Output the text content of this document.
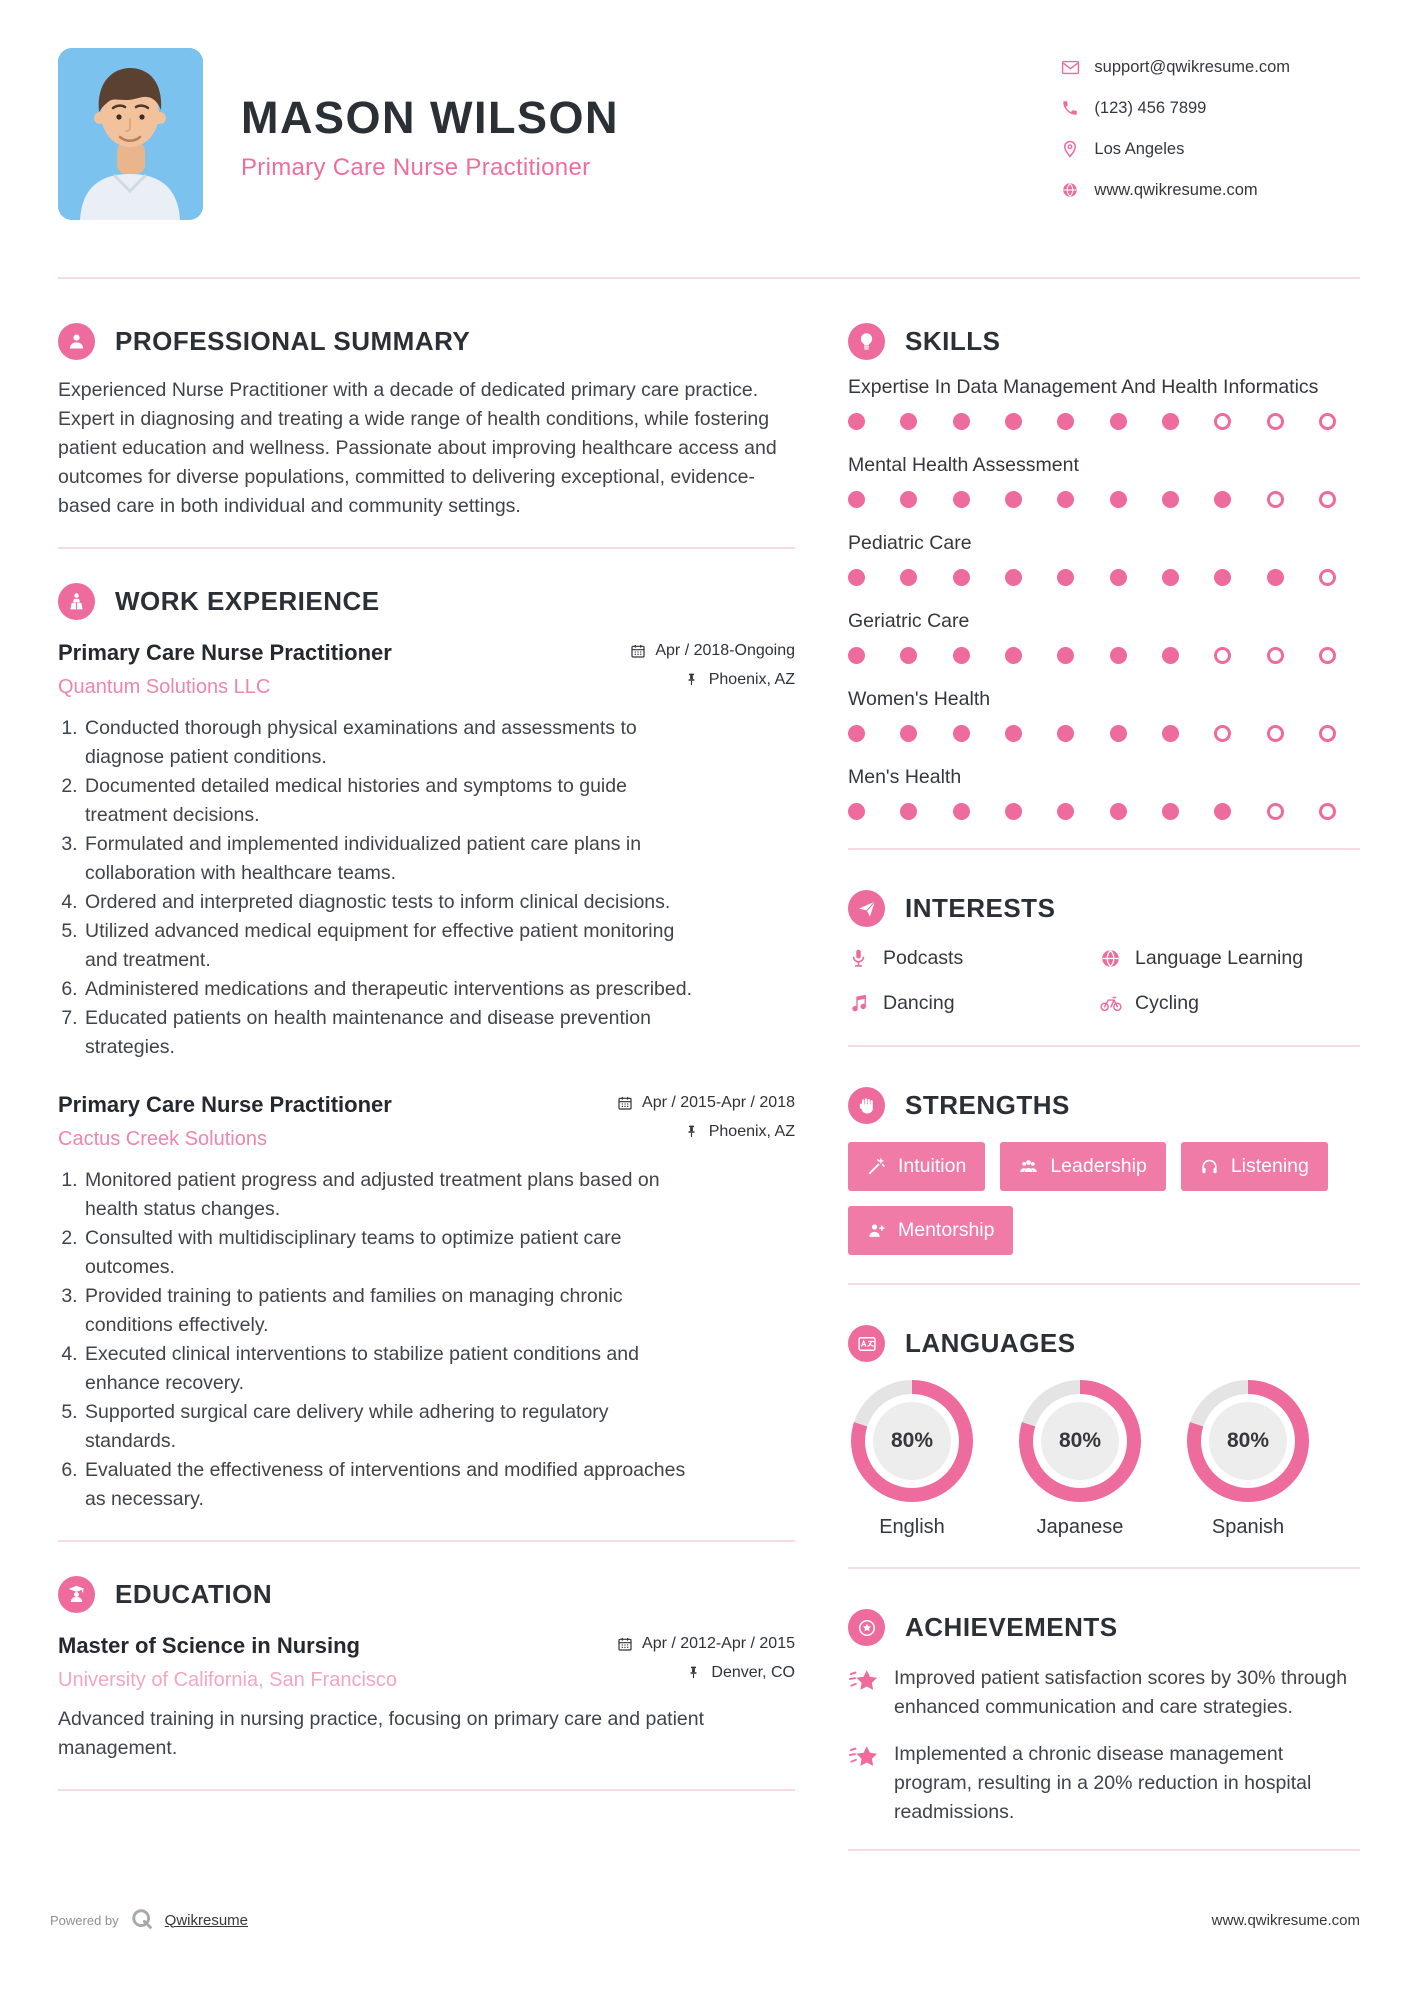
MASON WILSON
Primary Care Nurse Practitioner
support@qwikresume.com
(123) 456 7899
Los Angeles
www.qwikresume.com
PROFESSIONAL SUMMARY
Experienced Nurse Practitioner with a decade of dedicated primary care practice. Expert in diagnosing and treating a wide range of health conditions, while fostering patient education and wellness. Passionate about improving healthcare access and outcomes for diverse populations, committed to delivering exceptional, evidence-based care in both individual and community settings.
WORK EXPERIENCE
Primary Care Nurse Practitioner
Quantum Solutions LLC
Apr / 2018-Ongoing
Phoenix, AZ
1. Conducted thorough physical examinations and assessments to diagnose patient conditions.
2. Documented detailed medical histories and symptoms to guide treatment decisions.
3. Formulated and implemented individualized patient care plans in collaboration with healthcare teams.
4. Ordered and interpreted diagnostic tests to inform clinical decisions.
5. Utilized advanced medical equipment for effective patient monitoring and treatment.
6. Administered medications and therapeutic interventions as prescribed.
7. Educated patients on health maintenance and disease prevention strategies.
Primary Care Nurse Practitioner
Cactus Creek Solutions
Apr / 2015-Apr / 2018
Phoenix, AZ
1. Monitored patient progress and adjusted treatment plans based on health status changes.
2. Consulted with multidisciplinary teams to optimize patient care outcomes.
3. Provided training to patients and families on managing chronic conditions effectively.
4. Executed clinical interventions to stabilize patient conditions and enhance recovery.
5. Supported surgical care delivery while adhering to regulatory standards.
6. Evaluated the effectiveness of interventions and modified approaches as necessary.
EDUCATION
Master of Science in Nursing
University of California, San Francisco
Apr / 2012-Apr / 2015
Denver, CO
Advanced training in nursing practice, focusing on primary care and patient management.
SKILLS
Expertise In Data Management And Health Informatics
Mental Health Assessment
Pediatric Care
Geriatric Care
Women's Health
Men's Health
INTERESTS
Podcasts	Language Learning
Dancing	Cycling
STRENGTHS
Intuition	Leadership	Listening
Mentorship
LANGUAGES
80%
English
80%
Japanese
80%
Spanish
ACHIEVEMENTS
Improved patient satisfaction scores by 30% through enhanced communication and care strategies.
Implemented a chronic disease management program, resulting in a 20% reduction in hospital readmissions.
Powered by	Qwikresume	www.qwikresume.com
